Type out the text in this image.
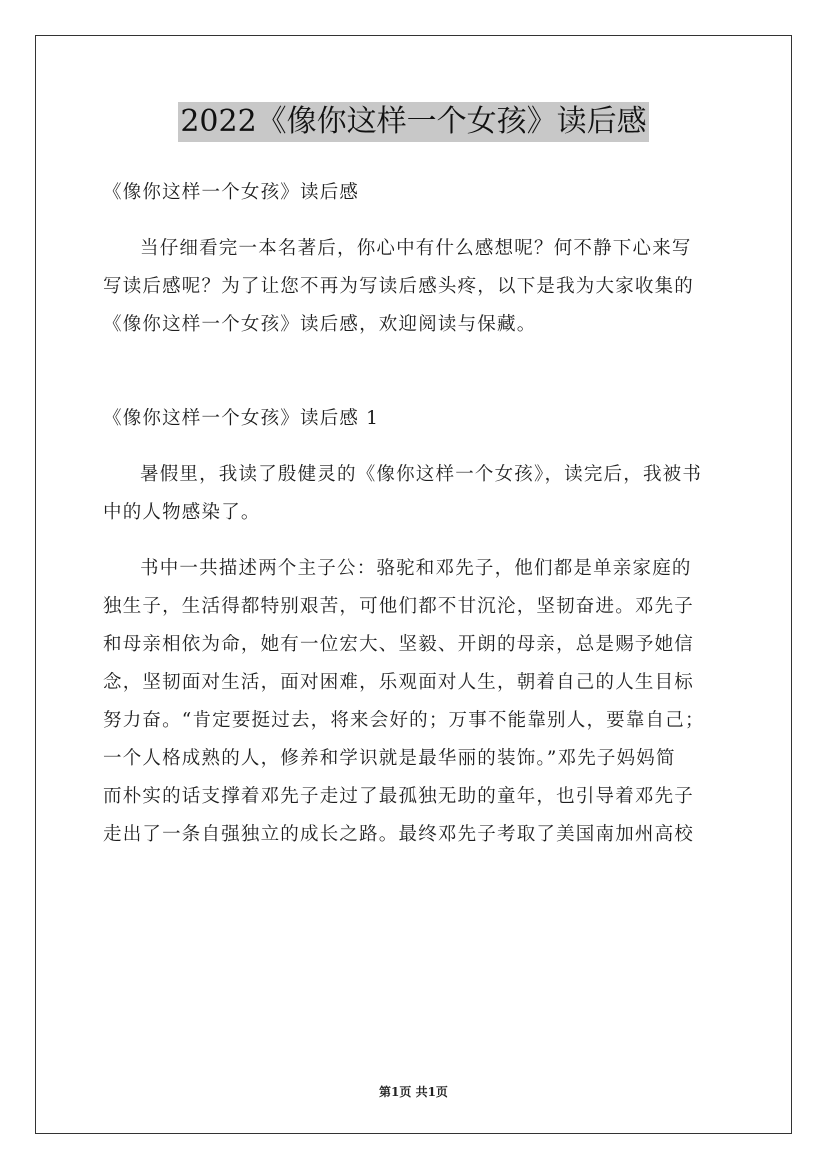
2022《像你这样一个女孩》读后感

《像你这样一个女孩》读后感

当仔细看完一本名著后，你心中有什么感想呢？何不静下心来写
写读后感呢？为了让您不再为写读后感头疼，以下是我为大家收集的
《像你这样一个女孩》读后感，欢迎阅读与保藏。

《像你这样一个女孩》读后感 1

暑假里，我读了殷健灵的《像你这样一个女孩》，读完后，我被书
中的人物感染了。
书中一共描述两个主子公：骆驼和邓先子，他们都是单亲家庭的
独生子，生活得都特别艰苦，可他们都不甘沉沦，坚韧奋进。邓先子
和母亲相依为命，她有一位宏大、坚毅、开朗的母亲，总是赐予她信
念，坚韧面对生活，面对困难，乐观面对人生，朝着自己的人生目标
努力奋。“肯定要挺过去，将来会好的；万事不能靠别人，要靠自己；
一个人格成熟的人，修养和学识就是最华丽的装饰。”邓先子妈妈简
而朴实的话支撑着邓先子走过了最孤独无助的童年，也引导着邓先子
走出了一条自强独立的成长之路。最终邓先子考取了美国南加州高校
第1页 共1页
